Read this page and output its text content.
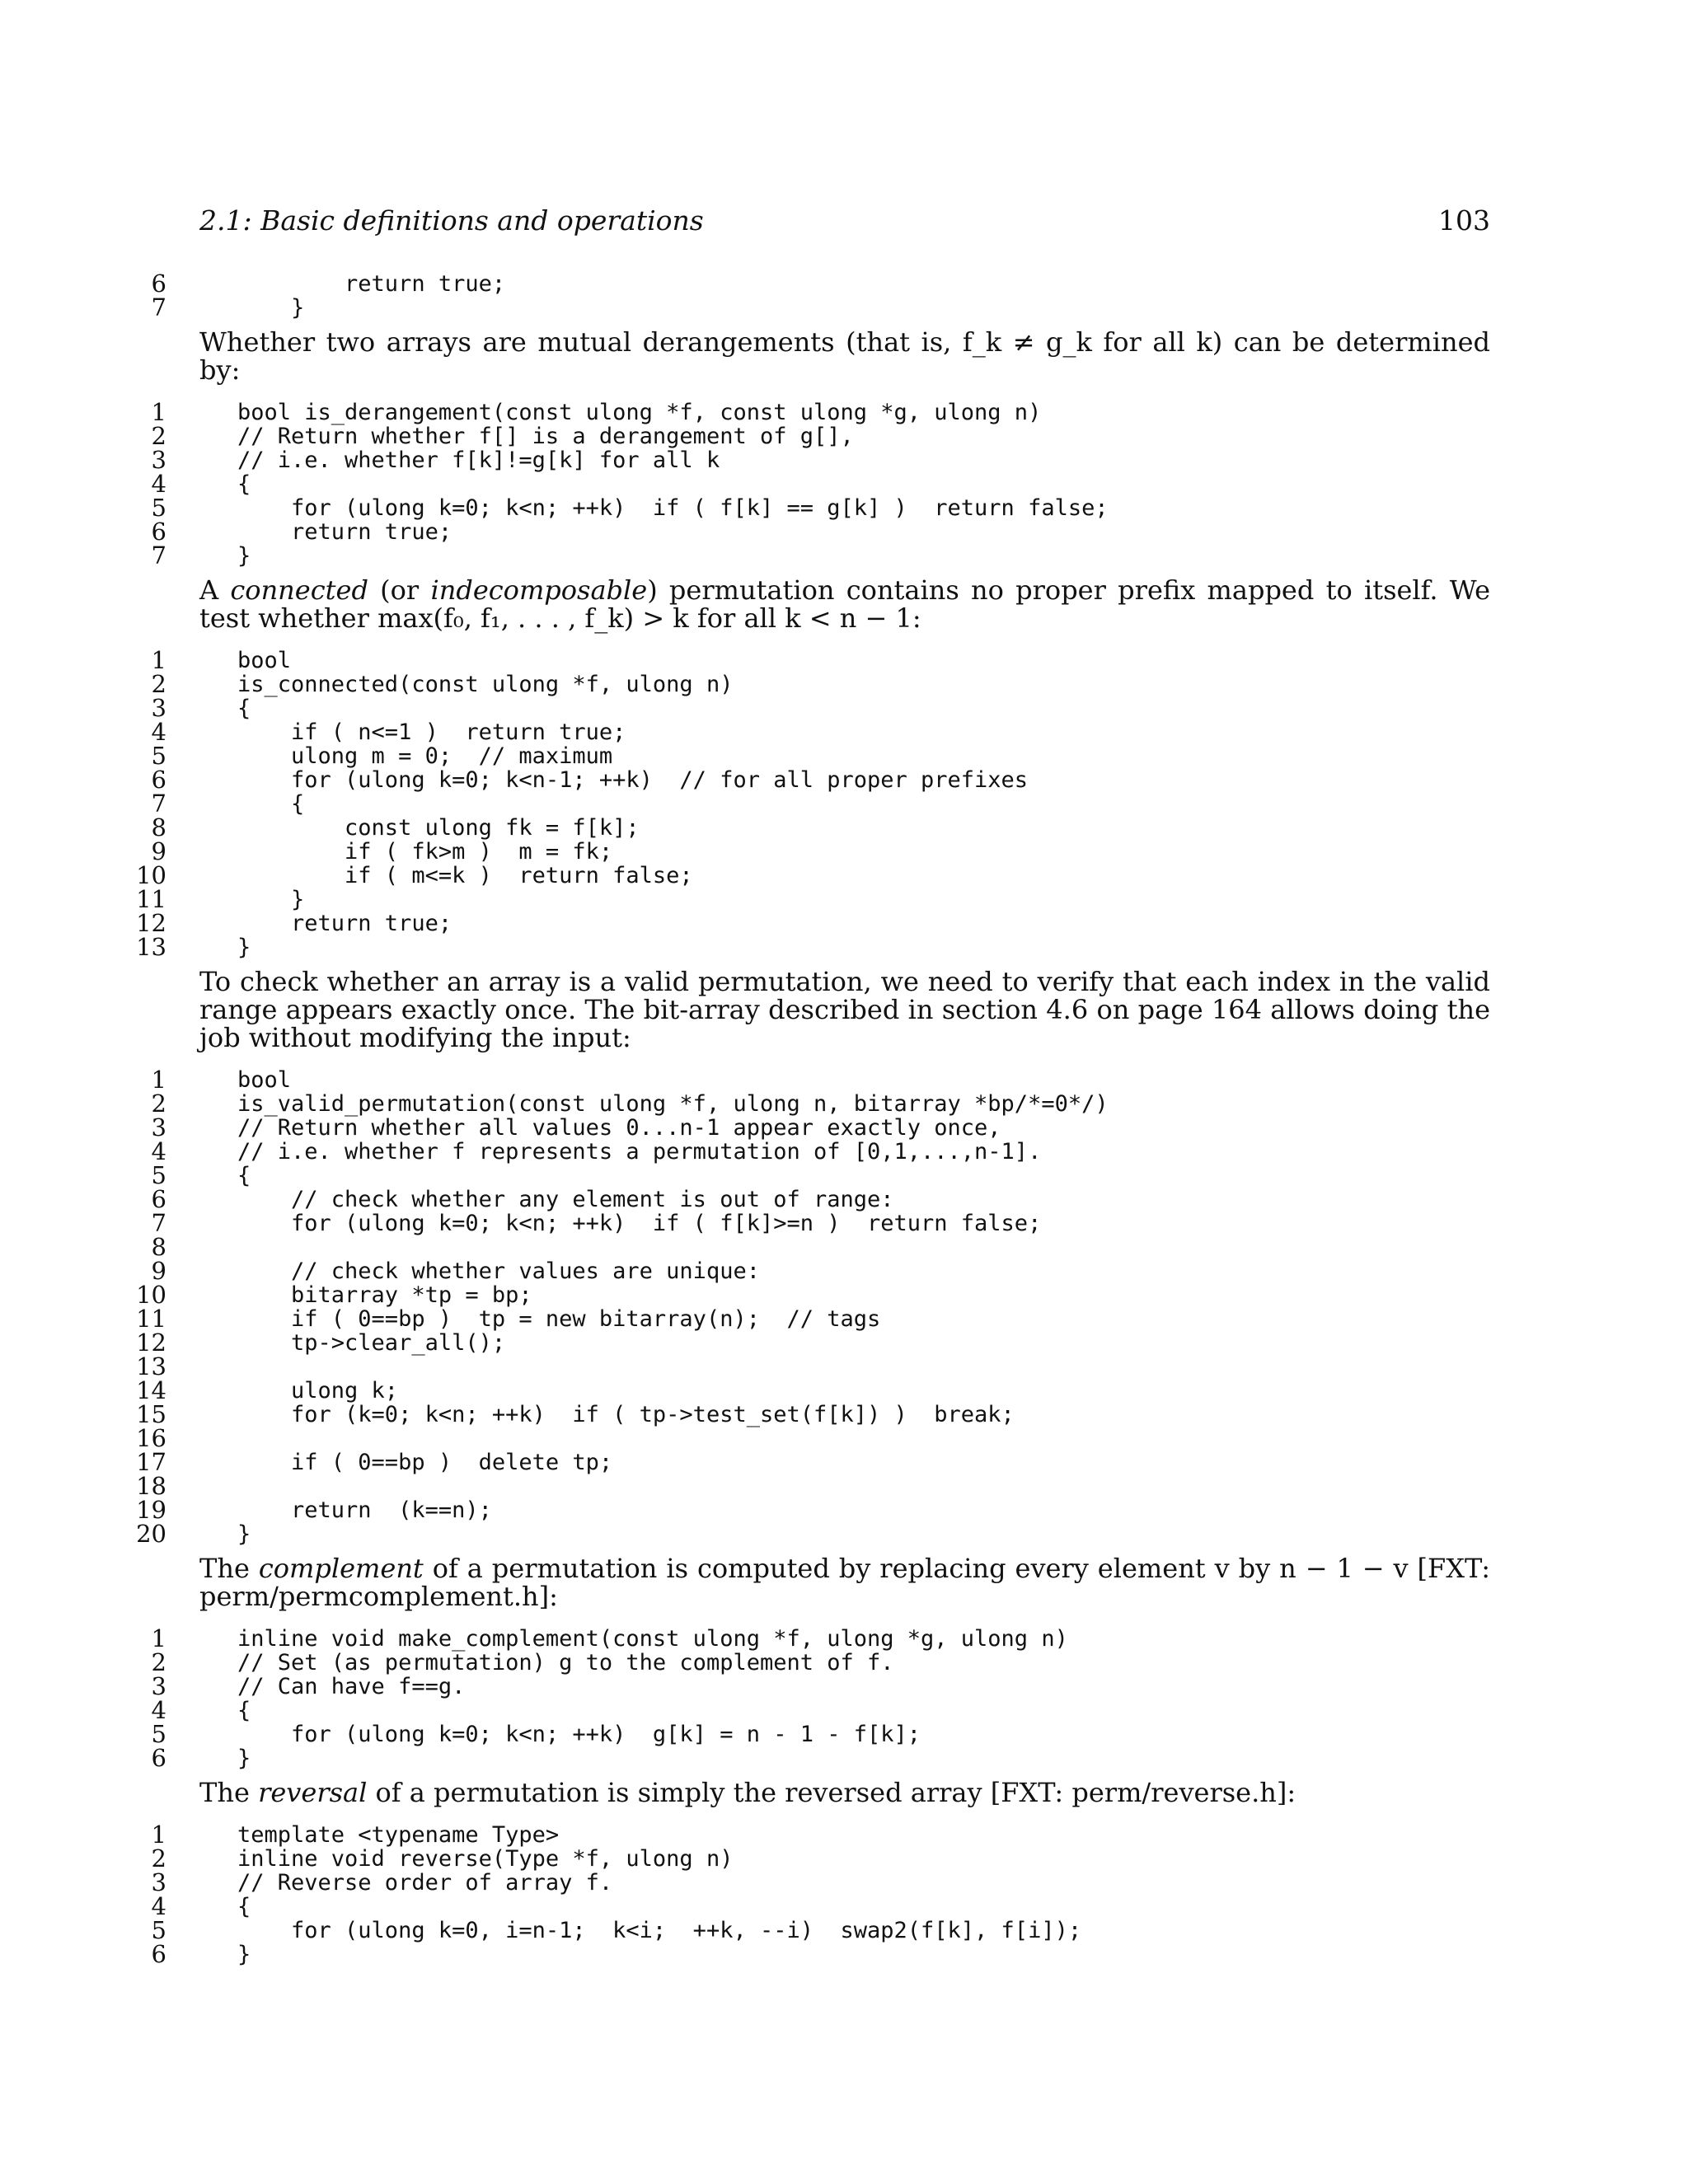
2.1: Basic definitions and operations	103
6	return true;
7	}

Whether two arrays are mutual derangements (that is, f_k ≠ g_k for all k) can be determined by:

1	bool is_derangement(const ulong *f, const ulong *g, ulong n)
2	// Return whether f[] is a derangement of g[],
3	// i.e. whether f[k]!=g[k] for all k
4	{
5	for (ulong k=0; k<n; ++k)  if ( f[k] == g[k] )  return false;
6	return true;
7	}

A connected (or indecomposable) permutation contains no proper prefix mapped to itself. We test whether max(f₀, f₁, . . . , f_k) > k for all k < n − 1:

1	bool
2	is_connected(const ulong *f, ulong n)
3	{
4	if ( n<=1 )  return true;
5	ulong m = 0;  // maximum
6	for (ulong k=0; k<n-1; ++k)  // for all proper prefixes
7	{
8	const ulong fk = f[k];
9	if ( fk>m )  m = fk;
10	if ( m<=k )  return false;
11	}
12	return true;
13	}

To check whether an array is a valid permutation, we need to verify that each index in the valid range appears exactly once. The bit-array described in section 4.6 on page 164 allows doing the job without modifying the input:

1	bool
2	is_valid_permutation(const ulong *f, ulong n, bitarray *bp/*=0*/)
3	// Return whether all values 0...n-1 appear exactly once,
4	// i.e. whether f represents a permutation of [0,1,...,n-1].
5	{
6	// check whether any element is out of range:
7	for (ulong k=0; k<n; ++k)  if ( f[k]>=n )  return false;
8
9	// check whether values are unique:
10	bitarray *tp = bp;
11	if ( 0==bp )  tp = new bitarray(n);  // tags
12	tp->clear_all();
13
14	ulong k;
15	for (k=0; k<n; ++k)  if ( tp->test_set(f[k]) )  break;
16
17	if ( 0==bp )  delete tp;
18
19	return  (k==n);
20	}

The complement of a permutation is computed by replacing every element v by n − 1 − v [FXT: perm/permcomplement.h]:

1	inline void make_complement(const ulong *f, ulong *g, ulong n)
2	// Set (as permutation) g to the complement of f.
3	// Can have f==g.
4	{
5	for (ulong k=0; k<n; ++k)  g[k] = n - 1 - f[k];
6	}

The reversal of a permutation is simply the reversed array [FXT: perm/reverse.h]:

1	template <typename Type>
2	inline void reverse(Type *f, ulong n)
3	// Reverse order of array f.
4	{
5	for (ulong k=0, i=n-1;  k<i;  ++k, --i)  swap2(f[k], f[i]);
6	}
